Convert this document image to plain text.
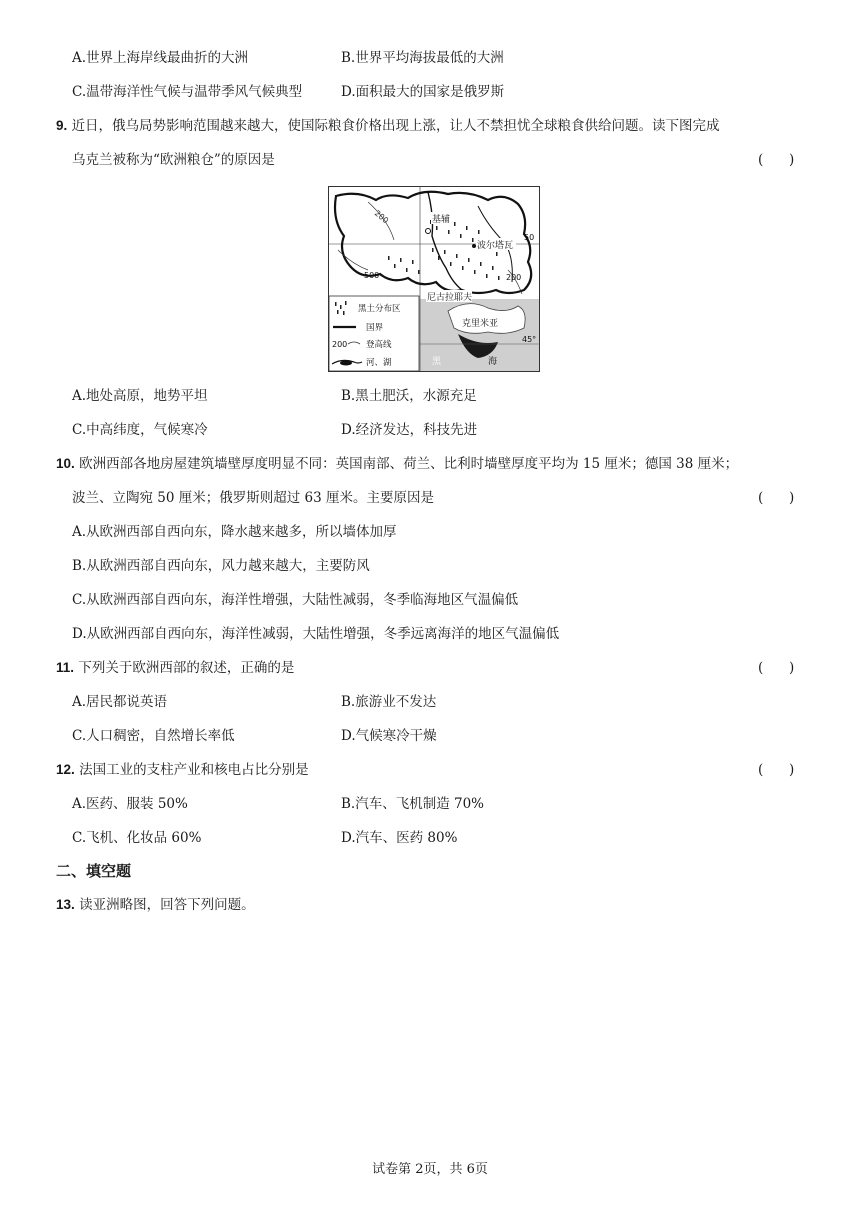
A.世界上海岸线最曲折的大洲	B.世界平均海拔最低的大洲
C.温带海洋性气候与温带季风气候典型	D.面积最大的国家是俄罗斯
9. 近日，俄乌局势影响范围越来越大，使国际粮食价格出现上涨，让人不禁担忧全球粮食供给问题。读下图完成
乌克兰被称为“欧洲粮仓”的原因是	(      )
基辅
波尔塔瓦
尼古拉耶夫
克里米亚
黑	海
50
45°
200
200
500
黑土分布区
国界
200 登高线
河、湖
A.地处高原，地势平坦	B.黑土肥沃，水源充足
C.中高纬度，气候寒冷	D.经济发达，科技先进
10. 欧洲西部各地房屋建筑墙壁厚度明显不同：英国南部、荷兰、比利时墙壁厚度平均为 15 厘米；德国 38 厘米；
波兰、立陶宛 50 厘米；俄罗斯则超过 63 厘米。主要原因是	(      )
A.从欧洲西部自西向东，降水越来越多，所以墙体加厚
B.从欧洲西部自西向东，风力越来越大，主要防风
C.从欧洲西部自西向东，海洋性增强，大陆性减弱，冬季临海地区气温偏低
D.从欧洲西部自西向东，海洋性减弱，大陆性增强，冬季远离海洋的地区气温偏低
11. 下列关于欧洲西部的叙述，正确的是	(      )
A.居民都说英语	B.旅游业不发达
C.人口稠密，自然增长率低	D.气候寒冷干燥
12. 法国工业的支柱产业和核电占比分别是	(      )
A.医药、服装 50%	B.汽车、飞机制造 70%
C.飞机、化妆品 60%	D.汽车、医药 80%
二、填空题
13. 读亚洲略图，回答下列问题。
试卷第 2页，共 6页
